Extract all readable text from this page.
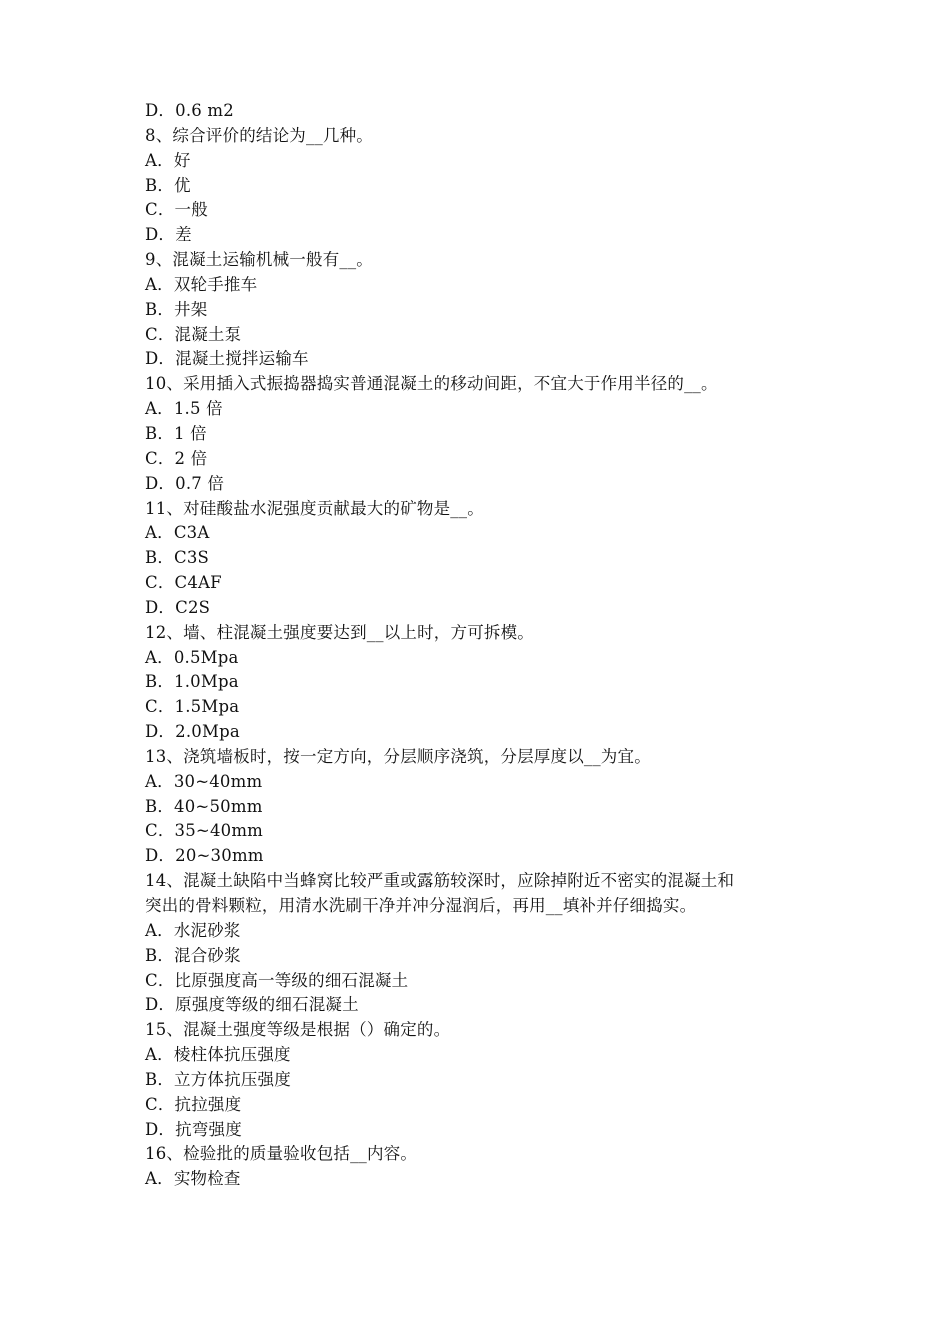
D．0.6 m2
8、综合评价的结论为__几种。
A．好
B．优
C．一般
D．差
9、混凝土运输机械一般有__。
A．双轮手推车
B．井架
C．混凝土泵
D．混凝土搅拌运输车
10、采用插入式振捣器捣实普通混凝土的移动间距，不宜大于作用半径的__。
A．1.5 倍
B．1 倍
C．2 倍
D．0.7 倍
11、对硅酸盐水泥强度贡献最大的矿物是__。
A．C3A
B．C3S
C．C4AF
D．C2S
12、墙、柱混凝土强度要达到__以上时，方可拆模。
A．0.5Mpa
B．1.0Mpa
C．1.5Mpa
D．2.0Mpa
13、浇筑墙板时，按一定方向，分层顺序浇筑，分层厚度以__为宜。
A．30~40mm
B．40~50mm
C．35~40mm
D．20~30mm
14、混凝土缺陷中当蜂窝比较严重或露筋较深时，应除掉附近不密实的混凝土和
突出的骨料颗粒，用清水洗刷干净并冲分湿润后，再用__填补并仔细捣实。
A．水泥砂浆
B．混合砂浆
C．比原强度高一等级的细石混凝土
D．原强度等级的细石混凝土
15、混凝土强度等级是根据（）确定的。
A．棱柱体抗压强度
B．立方体抗压强度
C．抗拉强度
D．抗弯强度
16、检验批的质量验收包括__内容。
A．实物检查
